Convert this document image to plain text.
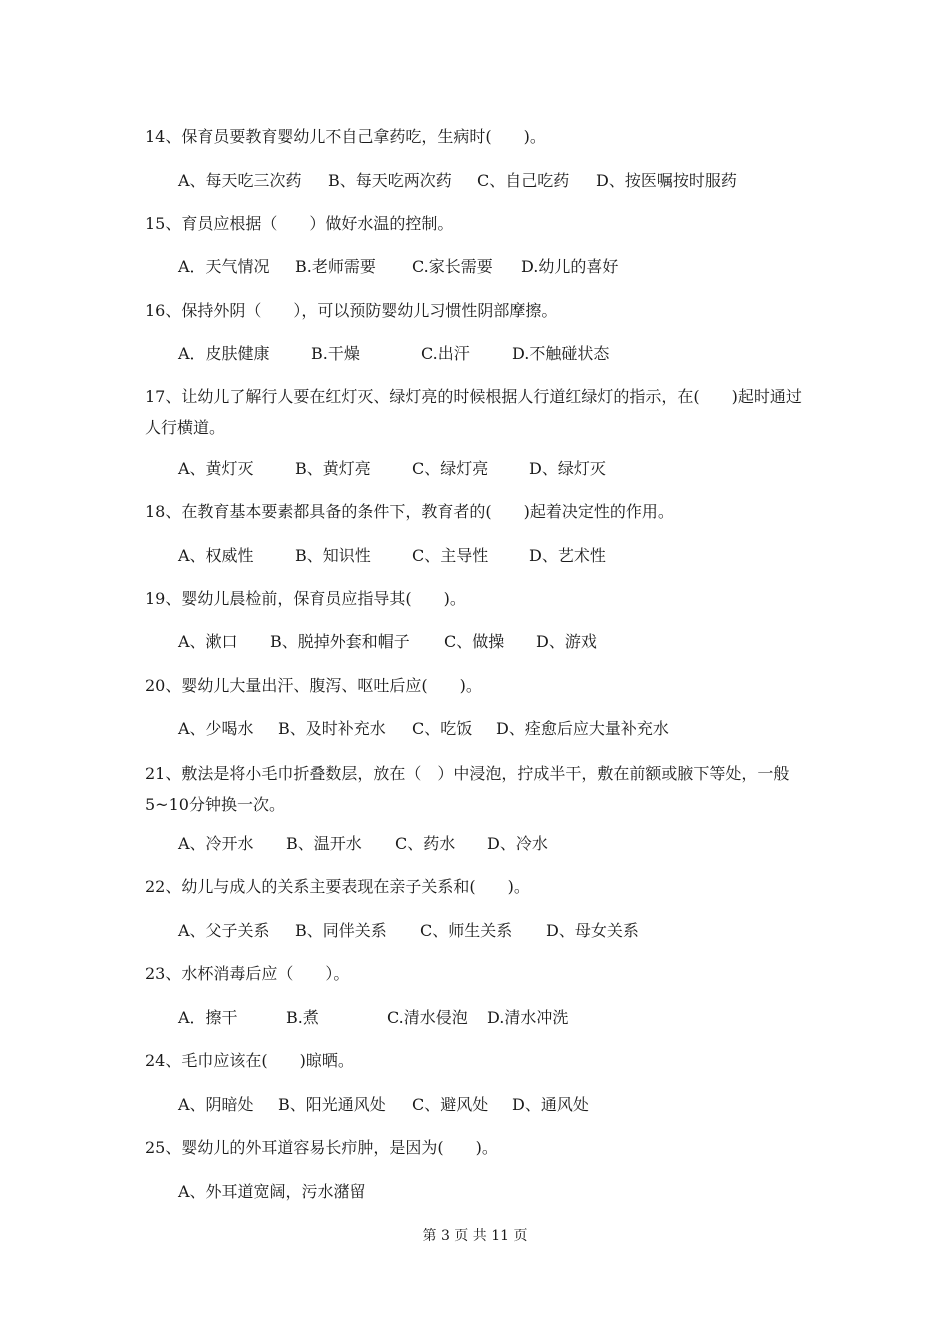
14、保育员要教育婴幼儿不自己拿药吃，生病时(　　)。
A、每天吃三次药 B、每天吃两次药 C、自己吃药 D、按医嘱按时服药
15、育员应根据（　　）做好水温的控制。
A．天气情况 B.老师需要 C.家长需要 D.幼儿的喜好
16、保持外阴（　　），可以预防婴幼儿习惯性阴部摩擦。
A．皮肤健康	B.干燥	C.出汗	D.不触碰状态
17、让幼儿了解行人要在红灯灭、绿灯亮的时候根据人行道红绿灯的指示，在(　　)起时通过人行横道。
A、黄灯灭	B、黄灯亮	C、绿灯亮	D、绿灯灭
18、在教育基本要素都具备的条件下，教育者的(　　)起着决定性的作用。
A、权威性	B、知识性	C、主导性	D、艺术性
19、婴幼儿晨检前，保育员应指导其(　　)。
A、漱口 B、脱掉外套和帽子 C、做操 D、游戏
20、婴幼儿大量出汗、腹泻、呕吐后应(　　)。
A、少喝水 B、及时补充水 C、吃饭 D、痊愈后应大量补充水
21、敷法是将小毛巾折叠数层，放在（　）中浸泡，拧成半干，敷在前额或腋下等处，一般5~10分钟换一次。
A、冷开水 B、温开水 C、药水 D、冷水
22、幼儿与成人的关系主要表现在亲子关系和(　　)。
A、父子关系 B、同伴关系 C、师生关系 D、母女关系
23、水杯消毒后应（　　）。
A．擦干	B.煮	C.清水侵泡 D.清水冲洗
24、毛巾应该在(　　)晾晒。
A、阴暗处 B、阳光通风处 C、避风处 D、通风处
25、婴幼儿的外耳道容易长疖肿，是因为(　　)。
A、外耳道宽阔，污水潴留
第 3 页 共 11 页
